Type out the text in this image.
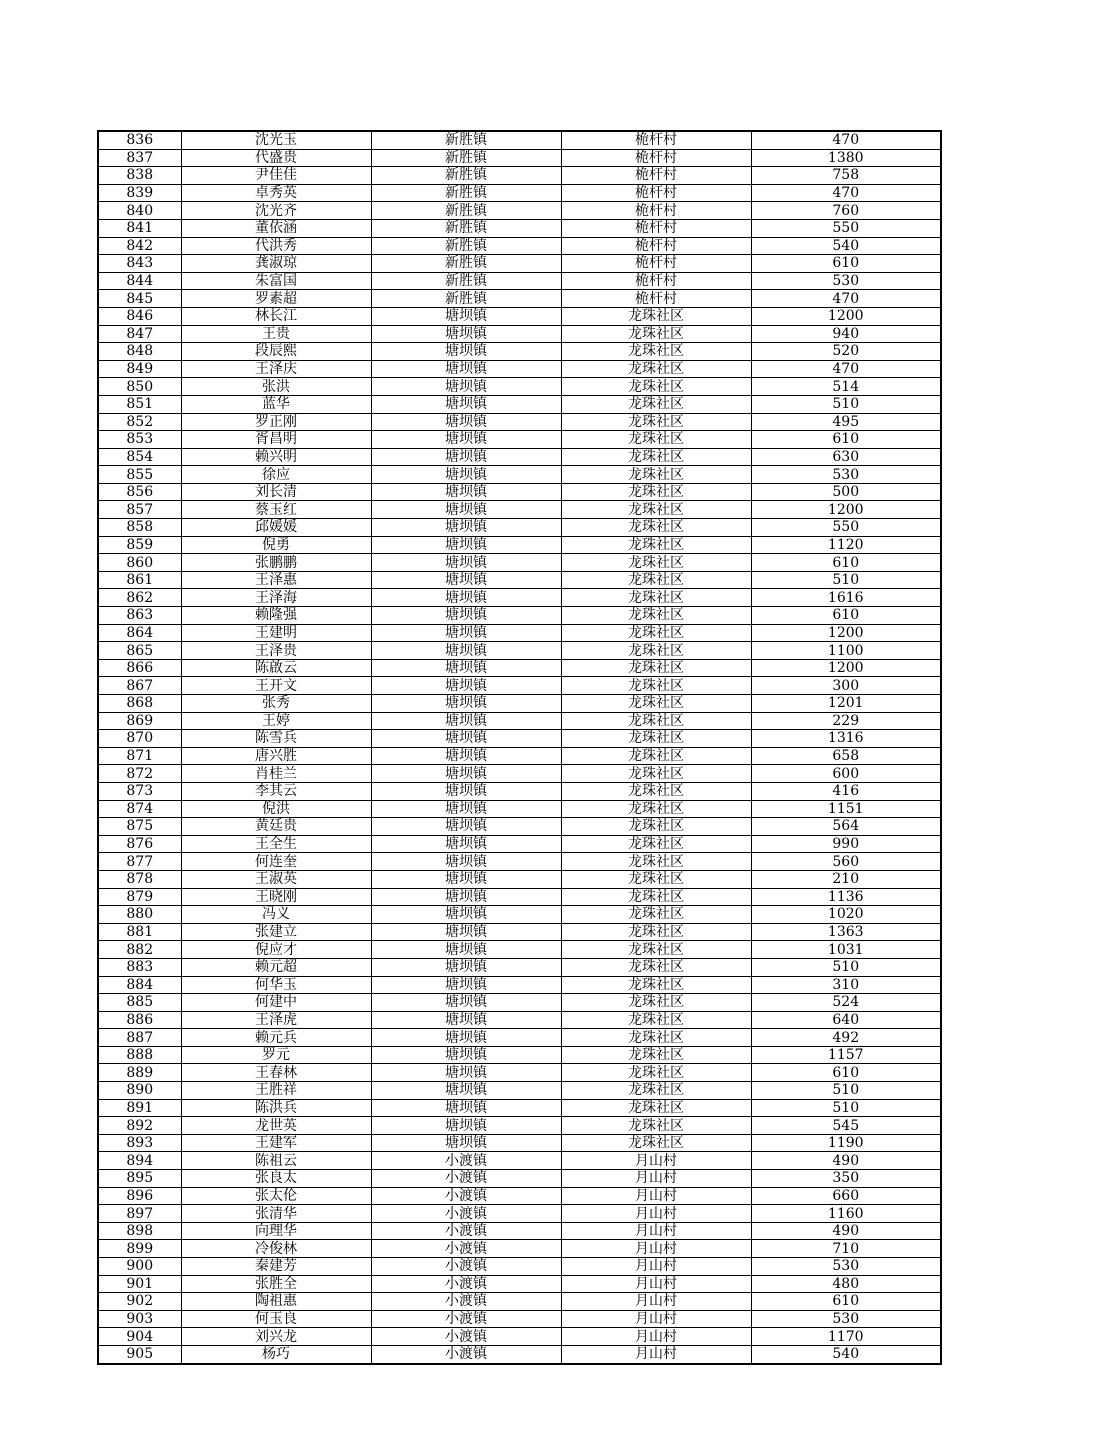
836	沈光玉	新胜镇	桅杆村	470
837	代盛贵	新胜镇	桅杆村	1380
838	尹佳佳	新胜镇	桅杆村	758
839	卓秀英	新胜镇	桅杆村	470
840	沈光齐	新胜镇	桅杆村	760
841	董依涵	新胜镇	桅杆村	550
842	代洪秀	新胜镇	桅杆村	540
843	龚淑琼	新胜镇	桅杆村	610
844	朱富国	新胜镇	桅杆村	530
845	罗素超	新胜镇	桅杆村	470
846	林长江	塘坝镇	龙珠社区	1200
847	王贵	塘坝镇	龙珠社区	940
848	段辰熙	塘坝镇	龙珠社区	520
849	王泽庆	塘坝镇	龙珠社区	470
850	张洪	塘坝镇	龙珠社区	514
851	蓝华	塘坝镇	龙珠社区	510
852	罗正刚	塘坝镇	龙珠社区	495
853	胥昌明	塘坝镇	龙珠社区	610
854	赖兴明	塘坝镇	龙珠社区	630
855	徐应	塘坝镇	龙珠社区	530
856	刘长清	塘坝镇	龙珠社区	500
857	蔡玉红	塘坝镇	龙珠社区	1200
858	邱媛媛	塘坝镇	龙珠社区	550
859	倪勇	塘坝镇	龙珠社区	1120
860	张鹏鹏	塘坝镇	龙珠社区	610
861	王泽惠	塘坝镇	龙珠社区	510
862	王泽海	塘坝镇	龙珠社区	1616
863	赖隆强	塘坝镇	龙珠社区	610
864	王建明	塘坝镇	龙珠社区	1200
865	王泽贵	塘坝镇	龙珠社区	1100
866	陈啟云	塘坝镇	龙珠社区	1200
867	王开文	塘坝镇	龙珠社区	300
868	张秀	塘坝镇	龙珠社区	1201
869	王婷	塘坝镇	龙珠社区	229
870	陈雪兵	塘坝镇	龙珠社区	1316
871	唐兴胜	塘坝镇	龙珠社区	658
872	肖桂兰	塘坝镇	龙珠社区	600
873	李其云	塘坝镇	龙珠社区	416
874	倪洪	塘坝镇	龙珠社区	1151
875	黄廷贵	塘坝镇	龙珠社区	564
876	王全生	塘坝镇	龙珠社区	990
877	何连奎	塘坝镇	龙珠社区	560
878	王淑英	塘坝镇	龙珠社区	210
879	王晓刚	塘坝镇	龙珠社区	1136
880	冯义	塘坝镇	龙珠社区	1020
881	张建立	塘坝镇	龙珠社区	1363
882	倪应才	塘坝镇	龙珠社区	1031
883	赖元超	塘坝镇	龙珠社区	510
884	何华玉	塘坝镇	龙珠社区	310
885	何建中	塘坝镇	龙珠社区	524
886	王泽虎	塘坝镇	龙珠社区	640
887	赖元兵	塘坝镇	龙珠社区	492
888	罗元	塘坝镇	龙珠社区	1157
889	王春林	塘坝镇	龙珠社区	610
890	王胜祥	塘坝镇	龙珠社区	510
891	陈洪兵	塘坝镇	龙珠社区	510
892	龙世英	塘坝镇	龙珠社区	545
893	王建军	塘坝镇	龙珠社区	1190
894	陈祖云	小渡镇	月山村	490
895	张良太	小渡镇	月山村	350
896	张太伦	小渡镇	月山村	660
897	张清华	小渡镇	月山村	1160
898	向理华	小渡镇	月山村	490
899	冷俊林	小渡镇	月山村	710
900	秦建芳	小渡镇	月山村	530
901	张胜全	小渡镇	月山村	480
902	陶祖惠	小渡镇	月山村	610
903	何玉良	小渡镇	月山村	530
904	刘兴龙	小渡镇	月山村	1170
905	杨巧	小渡镇	月山村	540
